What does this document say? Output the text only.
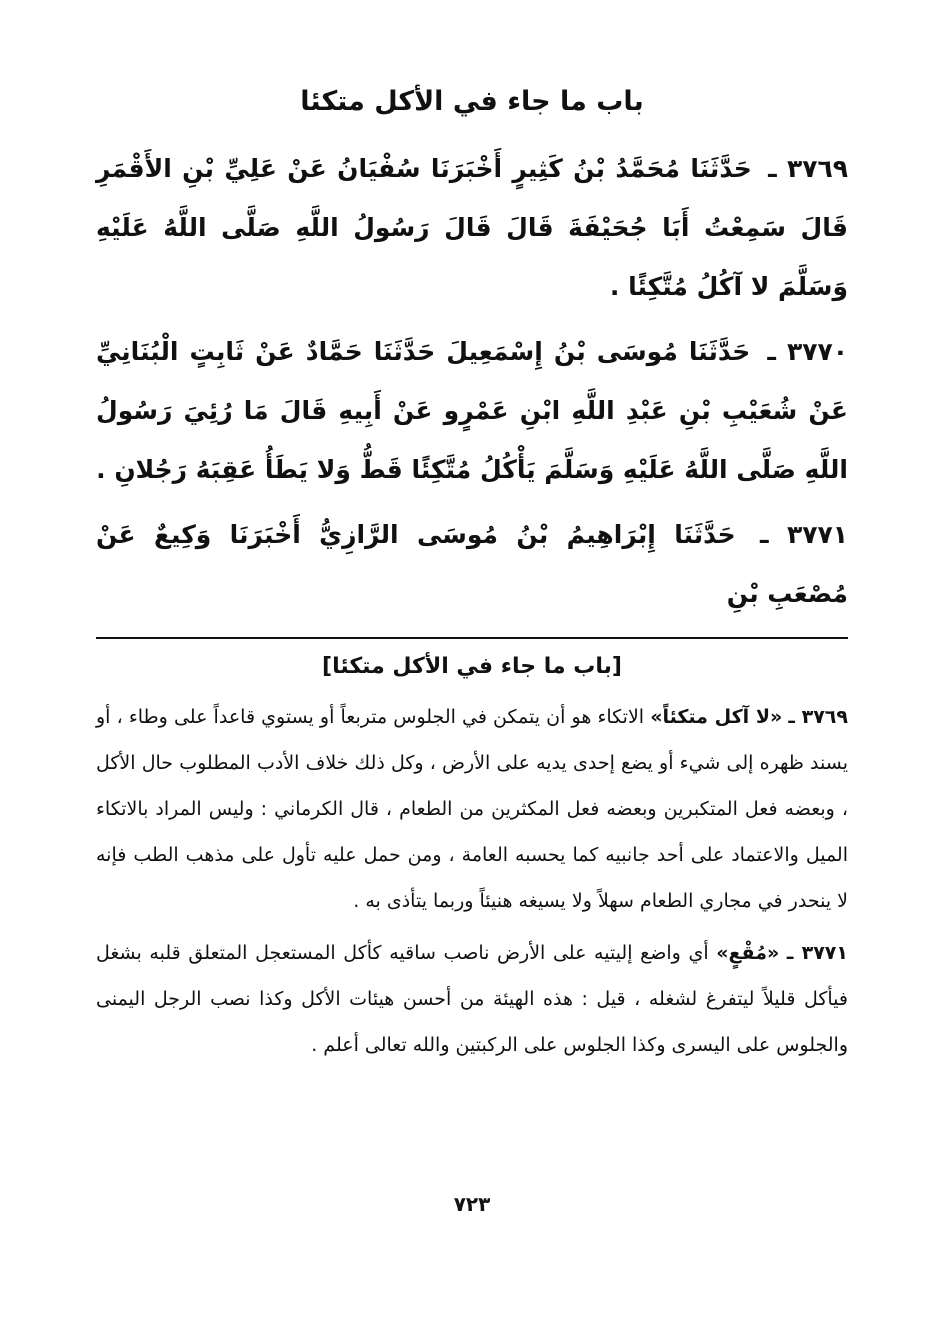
باب ما جاء في الأكل متكئا

٣٧٦٩ ـ حَدَّثَنَا مُحَمَّدُ بْنُ كَثِيرٍ أَخْبَرَنَا سُفْيَانُ عَنْ عَلِيِّ بْنِ الأَقْمَرِ قَالَ سَمِعْتُ أَبَا جُحَيْفَةَ قَالَ قَالَ رَسُولُ اللَّهِ صَلَّى اللَّهُ عَلَيْهِ وَسَلَّمَ لا آكُلُ مُتَّكِئًا .

٣٧٧٠ ـ حَدَّثَنَا مُوسَى بْنُ إِسْمَعِيلَ حَدَّثَنَا حَمَّادٌ عَنْ ثَابِتٍ الْبُنَانِيِّ عَنْ شُعَيْبِ بْنِ عَبْدِ اللَّهِ ابْنِ عَمْرٍو عَنْ أَبِيهِ قَالَ مَا رُئِيَ رَسُولُ اللَّهِ صَلَّى اللَّهُ عَلَيْهِ وَسَلَّمَ يَأْكُلُ مُتَّكِئًا قَطُّ وَلا يَطَأُ عَقِبَهُ رَجُلانِ .

٣٧٧١ ـ حَدَّثَنَا إِبْرَاهِيمُ بْنُ مُوسَى الرَّازِيُّ أَخْبَرَنَا وَكِيعٌ عَنْ مُصْعَبِ بْنِ

[باب ما جاء في الأكل متكئا]

٣٧٦٩ ـ «لا آكل متكئاً» الاتكاء هو أن يتمكن في الجلوس متربعاً أو يستوي قاعداً على وطاء ، أو يسند ظهره إلى شيء أو يضع إحدى يديه على الأرض ، وكل ذلك خلاف الأدب المطلوب حال الأكل ، وبعضه فعل المتكبرين وبعضه فعل المكثرين من الطعام ، قال الكرماني : وليس المراد بالاتكاء الميل والاعتماد على أحد جانبيه كما يحسبه العامة ، ومن حمل عليه تأول على مذهب الطب فإنه لا ينحدر في مجاري الطعام سهلاً ولا يسيغه هنيئاً وربما يتأذى به .

٣٧٧١ ـ «مُقْعٍ» أي واضع إليتيه على الأرض ناصب ساقيه كأكل المستعجل المتعلق قلبه بشغل فيأكل قليلاً ليتفرغ لشغله ، قيل : هذه الهيئة من أحسن هيئات الأكل وكذا نصب الرجل اليمنى والجلوس على اليسرى وكذا الجلوس على الركبتين والله تعالى أعلم .

٧٢٣
